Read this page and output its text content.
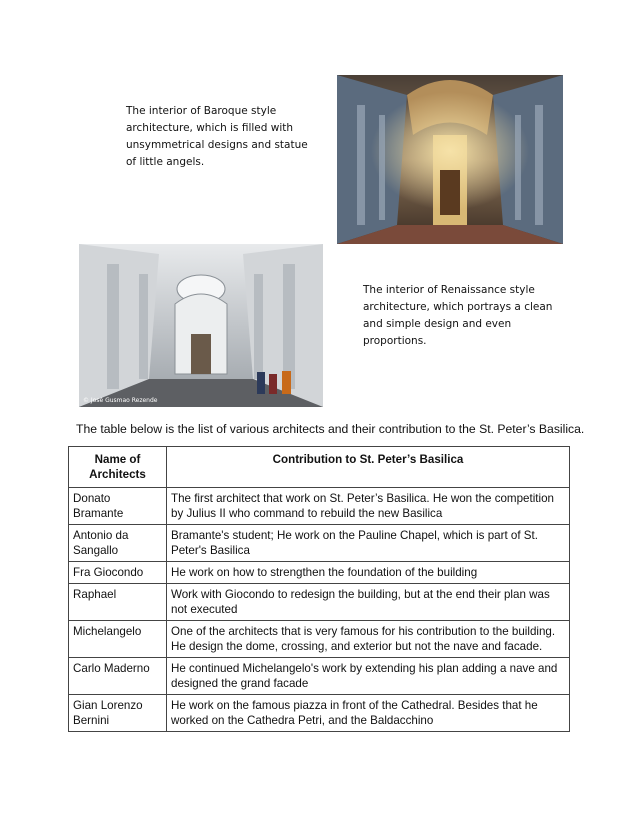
The interior of Baroque style architecture, which is filled with unsymmetrical designs and statue of little angels.
© José Gusmao Rezende
The interior of Renaissance style architecture, which portrays a clean and simple design and even proportions.
The table below is the list of various architects and their contribution to the St. Peter’s Basilica.
Name of Architects	Contribution to St. Peter’s Basilica
Donato Bramante	The first architect that work on St. Peter’s Basilica. He won the competition by Julius II who command to rebuild the new Basilica
Antonio da Sangallo	Bramante's student; He work on the Pauline Chapel, which is part of St. Peter's Basilica
Fra Giocondo	He work on how to strengthen the foundation of the building
Raphael	Work with Giocondo to redesign the building, but at the end their plan was not executed
Michelangelo	One of the architects that is very famous for his contribution to the building. He design the dome, crossing, and exterior but not the nave and facade.
Carlo Maderno	He continued Michelangelo's work by extending his plan adding a nave and designed the grand facade
Gian Lorenzo Bernini	He work on the famous piazza in front of the Cathedral. Besides that he worked on the Cathedra Petri, and the Baldacchino
